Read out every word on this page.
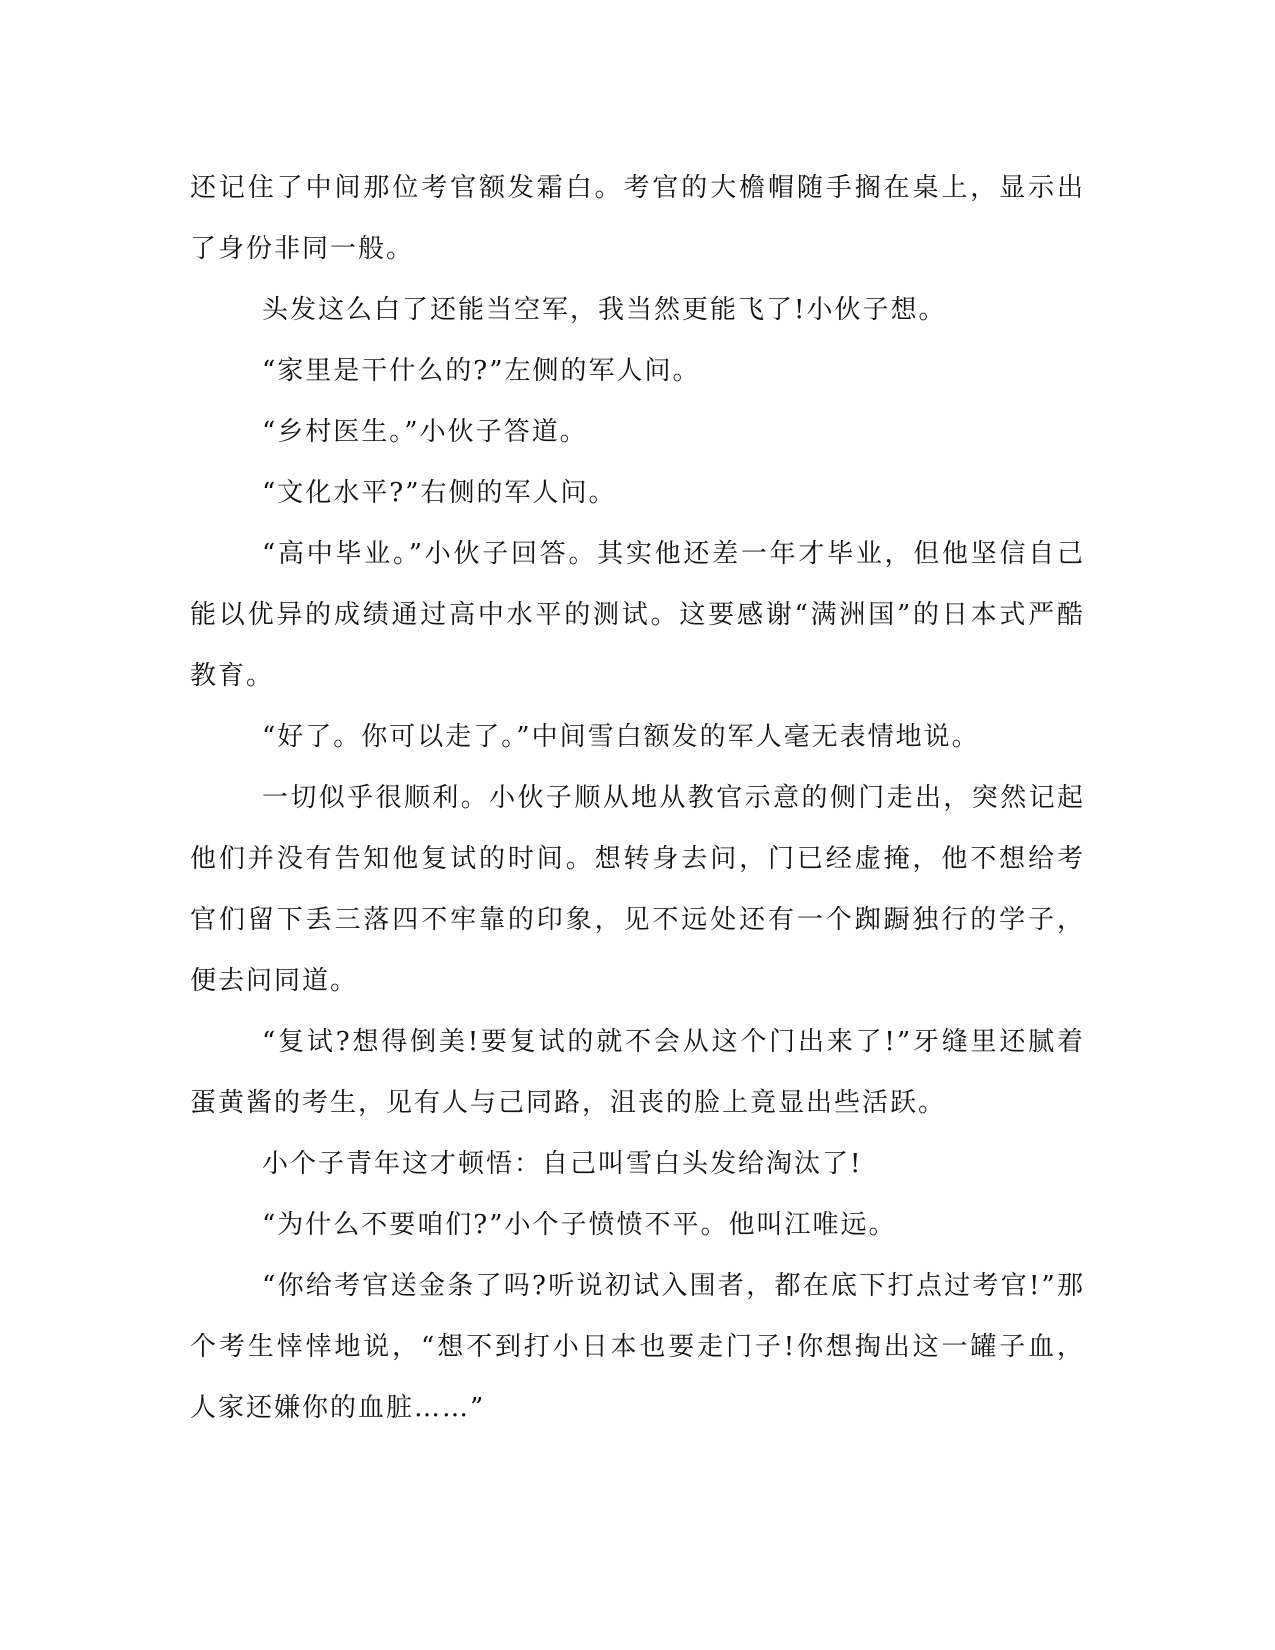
还记住了中间那位考官额发霜白。考官的大檐帽随手搁在桌上，显示出了身份非同一般。

头发这么白了还能当空军，我当然更能飞了!小伙子想。

“家里是干什么的?”左侧的军人问。

“乡村医生。”小伙子答道。

“文化水平?”右侧的军人问。

“高中毕业。”小伙子回答。其实他还差一年才毕业，但他坚信自己能以优异的成绩通过高中水平的测试。这要感谢“满洲国”的日本式严酷教育。

“好了。你可以走了。”中间雪白额发的军人毫无表情地说。

一切似乎很顺利。小伙子顺从地从教官示意的侧门走出，突然记起他们并没有告知他复试的时间。想转身去问，门已经虚掩，他不想给考官们留下丢三落四不牢靠的印象，见不远处还有一个踟蹰独行的学子，便去问同道。

“复试?想得倒美!要复试的就不会从这个门出来了!”牙缝里还腻着蛋黄酱的考生，见有人与己同路，沮丧的脸上竟显出些活跃。

小个子青年这才顿悟：自己叫雪白头发给淘汰了!

“为什么不要咱们?”小个子愤愤不平。他叫江唯远。

“你给考官送金条了吗?听说初试入围者，都在底下打点过考官!”那个考生悻悻地说，“想不到打小日本也要走门子!你想掏出这一罐子血，人家还嫌你的血脏……”
